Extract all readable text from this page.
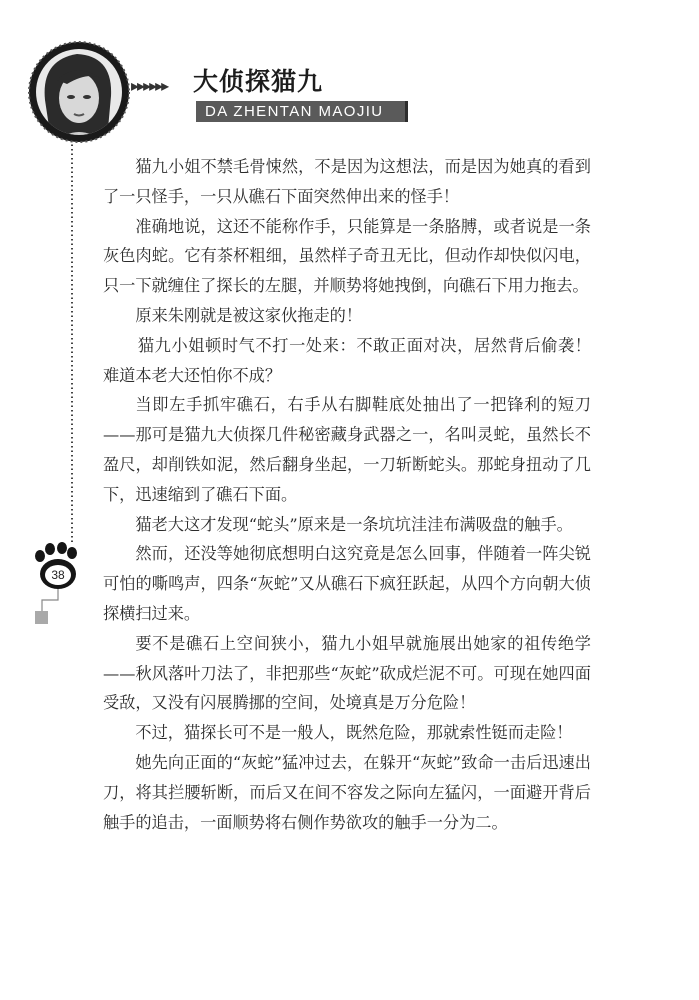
▸▸▸▸▸▸ 大侦探猫九
DA ZHENTAN MAOJIU
38

猫九小姐不禁毛骨悚然，不是因为这想法，而是因为她真的看到了一只怪手，一只从礁石下面突然伸出来的怪手！

准确地说，这还不能称作手，只能算是一条胳膊，或者说是一条灰色肉蛇。它有茶杯粗细，虽然样子奇丑无比，但动作却快似闪电，只一下就缠住了探长的左腿，并顺势将她拽倒，向礁石下用力拖去。

原来朱刚就是被这家伙拖走的！

猫九小姐顿时气不打一处来：不敢正面对决，居然背后偷袭！难道本老大还怕你不成？

当即左手抓牢礁石，右手从右脚鞋底处抽出了一把锋利的短刀——那可是猫九大侦探几件秘密藏身武器之一，名叫灵蛇，虽然长不盈尺，却削铁如泥，然后翻身坐起，一刀斩断蛇头。那蛇身扭动了几下，迅速缩到了礁石下面。

猫老大这才发现“蛇头”原来是一条坑坑洼洼布满吸盘的触手。

然而，还没等她彻底想明白这究竟是怎么回事，伴随着一阵尖锐可怕的嘶鸣声，四条“灰蛇”又从礁石下疯狂跃起，从四个方向朝大侦探横扫过来。

要不是礁石上空间狭小，猫九小姐早就施展出她家的祖传绝学——秋风落叶刀法了，非把那些“灰蛇”砍成烂泥不可。可现在她四面受敌，又没有闪展腾挪的空间，处境真是万分危险！

不过，猫探长可不是一般人，既然危险，那就索性铤而走险！

她先向正面的“灰蛇”猛冲过去，在躲开“灰蛇”致命一击后迅速出刀，将其拦腰斩断，而后又在间不容发之际向左猛闪，一面避开背后触手的追击，一面顺势将右侧作势欲攻的触手一分为二。
